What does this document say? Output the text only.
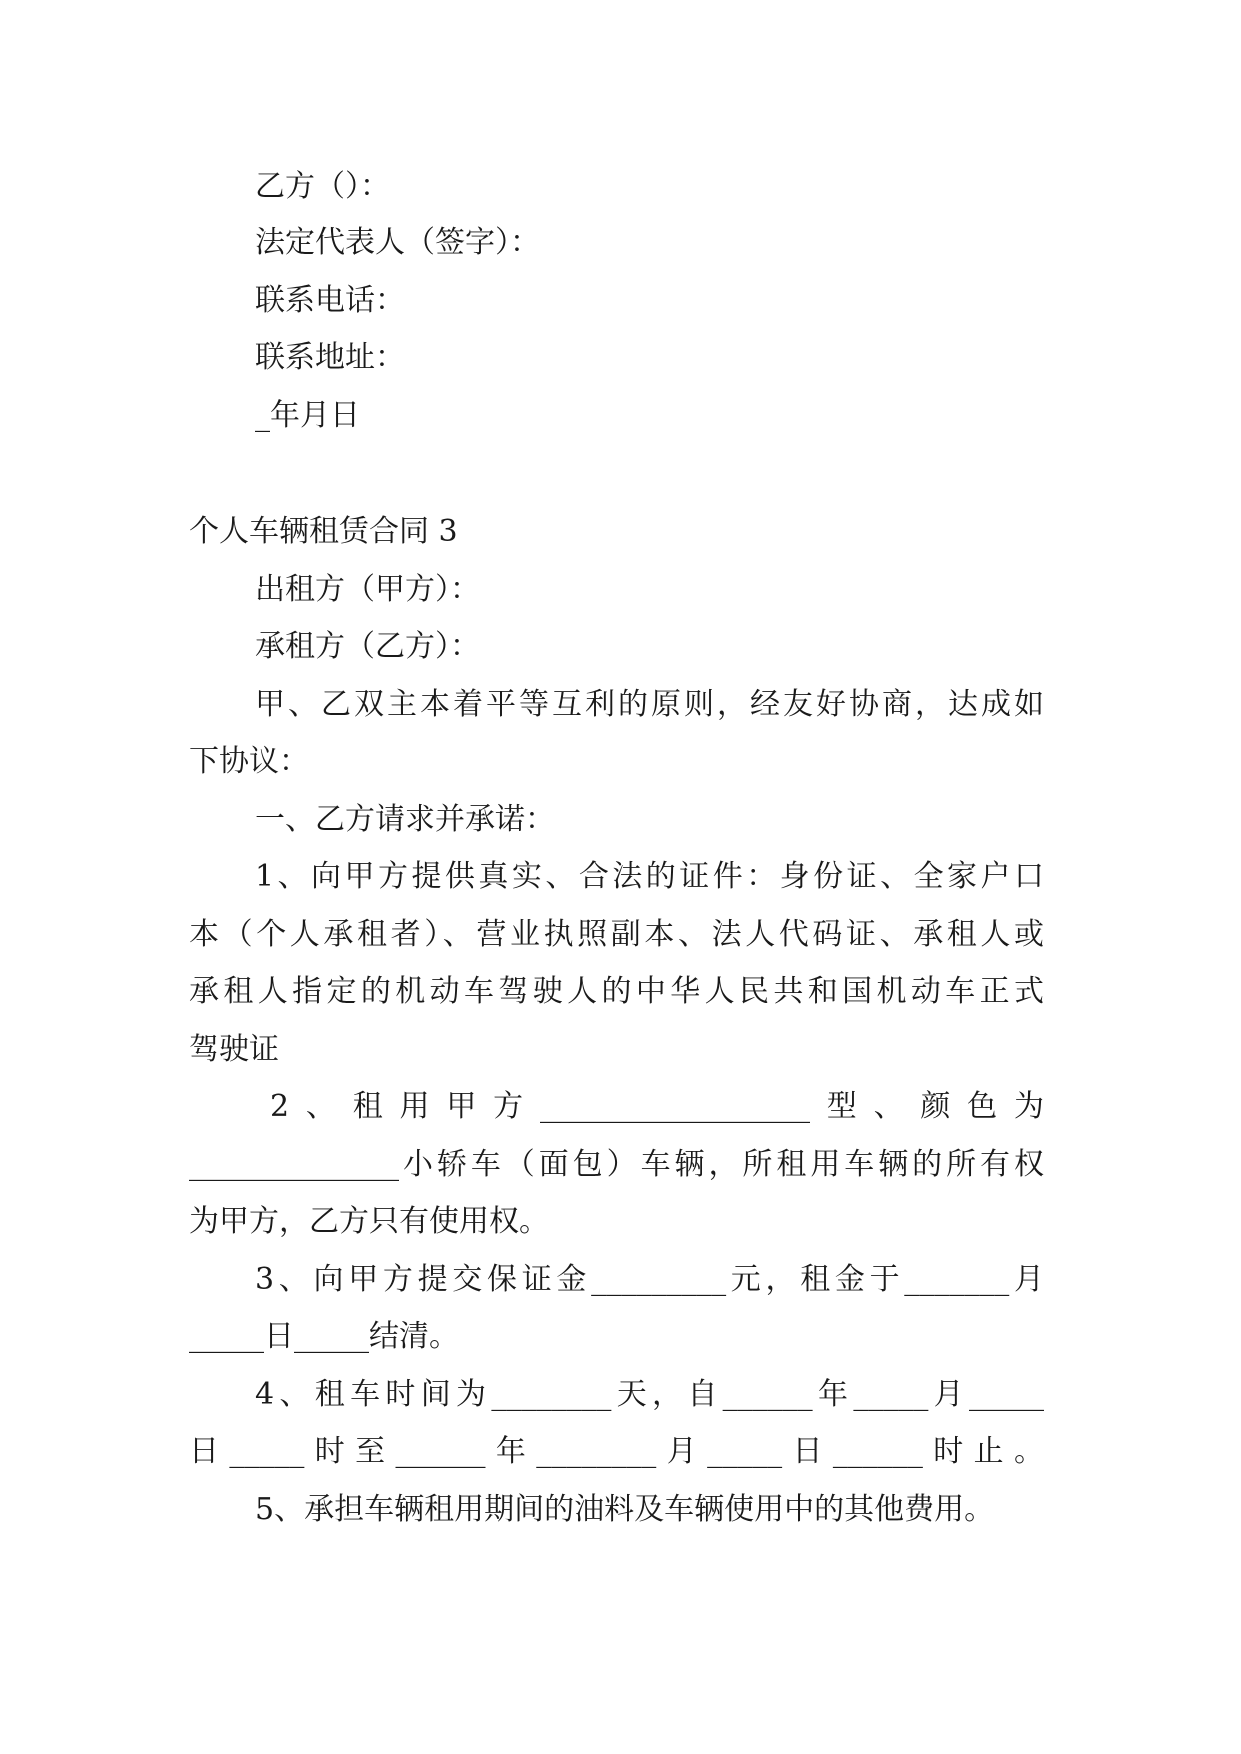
乙方（）：
法定代表人（签字）：
联系电话：
联系地址：
_年月日
个人车辆租赁合同 3
出租方（甲方）：
承租方（乙方）：
甲、乙双主本着平等互利的原则，经友好协商，达成如
下协议：
一、乙方请求并承诺：
1、向甲方提供真实、合法的证件：身份证、全家户口
本（个人承租者）、营业执照副本、法人代码证、承租人或
承租人指定的机动车驾驶人的中华人民共和国机动车正式
驾驶证
2、租用甲方__________________型、颜色为
______________小轿车（面包）车辆，所租用车辆的所有权
为甲方，乙方只有使用权。
3、向甲方提交保证金_________元，租金于_______月
_____日_____结清。
4、租车时间为________天，自______年_____月_____
日_____时至______年________月_____日______时止。
5、承担车辆租用期间的油料及车辆使用中的其他费用。
